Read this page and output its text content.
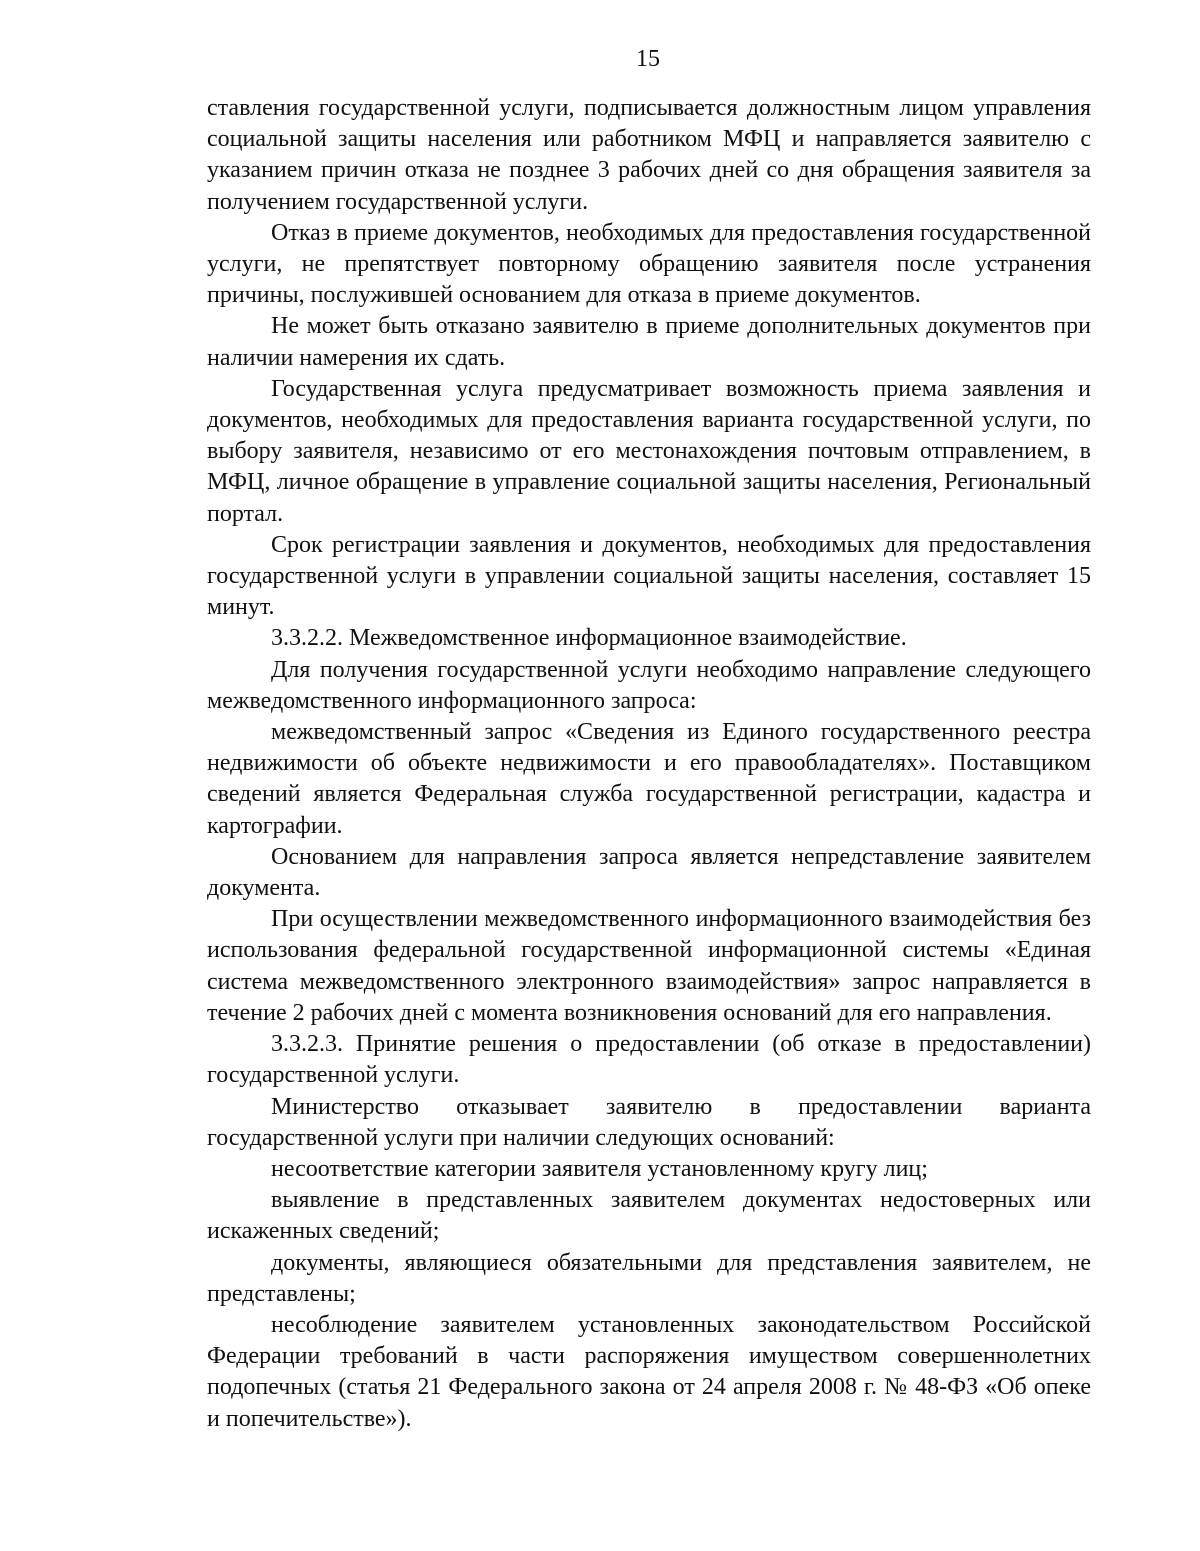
15

ставления государственной услуги, подписывается должностным лицом управления социальной защиты населения или работником МФЦ и направляется заявителю с указанием причин отказа не позднее 3 рабочих дней со дня обращения заявителя за получением государственной услуги.

Отказ в приеме документов, необходимых для предоставления государственной услуги, не препятствует повторному обращению заявителя после устранения причины, послужившей основанием для отказа в приеме документов.

Не может быть отказано заявителю в приеме дополнительных документов при наличии намерения их сдать.

Государственная услуга предусматривает возможность приема заявления и документов, необходимых для предоставления варианта государственной услуги, по выбору заявителя, независимо от его местонахождения почтовым отправлением, в МФЦ, личное обращение в управление социальной защиты населения, Региональный портал.

Срок регистрации заявления и документов, необходимых для предоставления государственной услуги в управлении социальной защиты населения, составляет 15 минут.

3.3.2.2. Межведомственное информационное взаимодействие.

Для получения государственной услуги необходимо направление следующего межведомственного информационного запроса:

межведомственный запрос «Сведения из Единого государственного реестра недвижимости об объекте недвижимости и его правообладателях». Поставщиком сведений является Федеральная служба государственной регистрации, кадастра и картографии.

Основанием для направления запроса является непредставление заявителем документа.

При осуществлении межведомственного информационного взаимодействия без использования федеральной государственной информационной системы «Единая система межведомственного электронного взаимодействия» запрос направляется в течение 2 рабочих дней с момента возникновения оснований для его направления.

3.3.2.3. Принятие решения о предоставлении (об отказе в предоставлении) государственной услуги.

Министерство отказывает заявителю в предоставлении варианта государственной услуги при наличии следующих оснований:

несоответствие категории заявителя установленному кругу лиц;

выявление в представленных заявителем документах недостоверных или искаженных сведений;

документы, являющиеся обязательными для представления заявителем, не представлены;

несоблюдение заявителем установленных законодательством Российской Федерации требований в части распоряжения имуществом совершеннолетних подопечных (статья 21 Федерального закона от 24 апреля 2008 г. № 48-ФЗ «Об опеке и попечительстве»).
